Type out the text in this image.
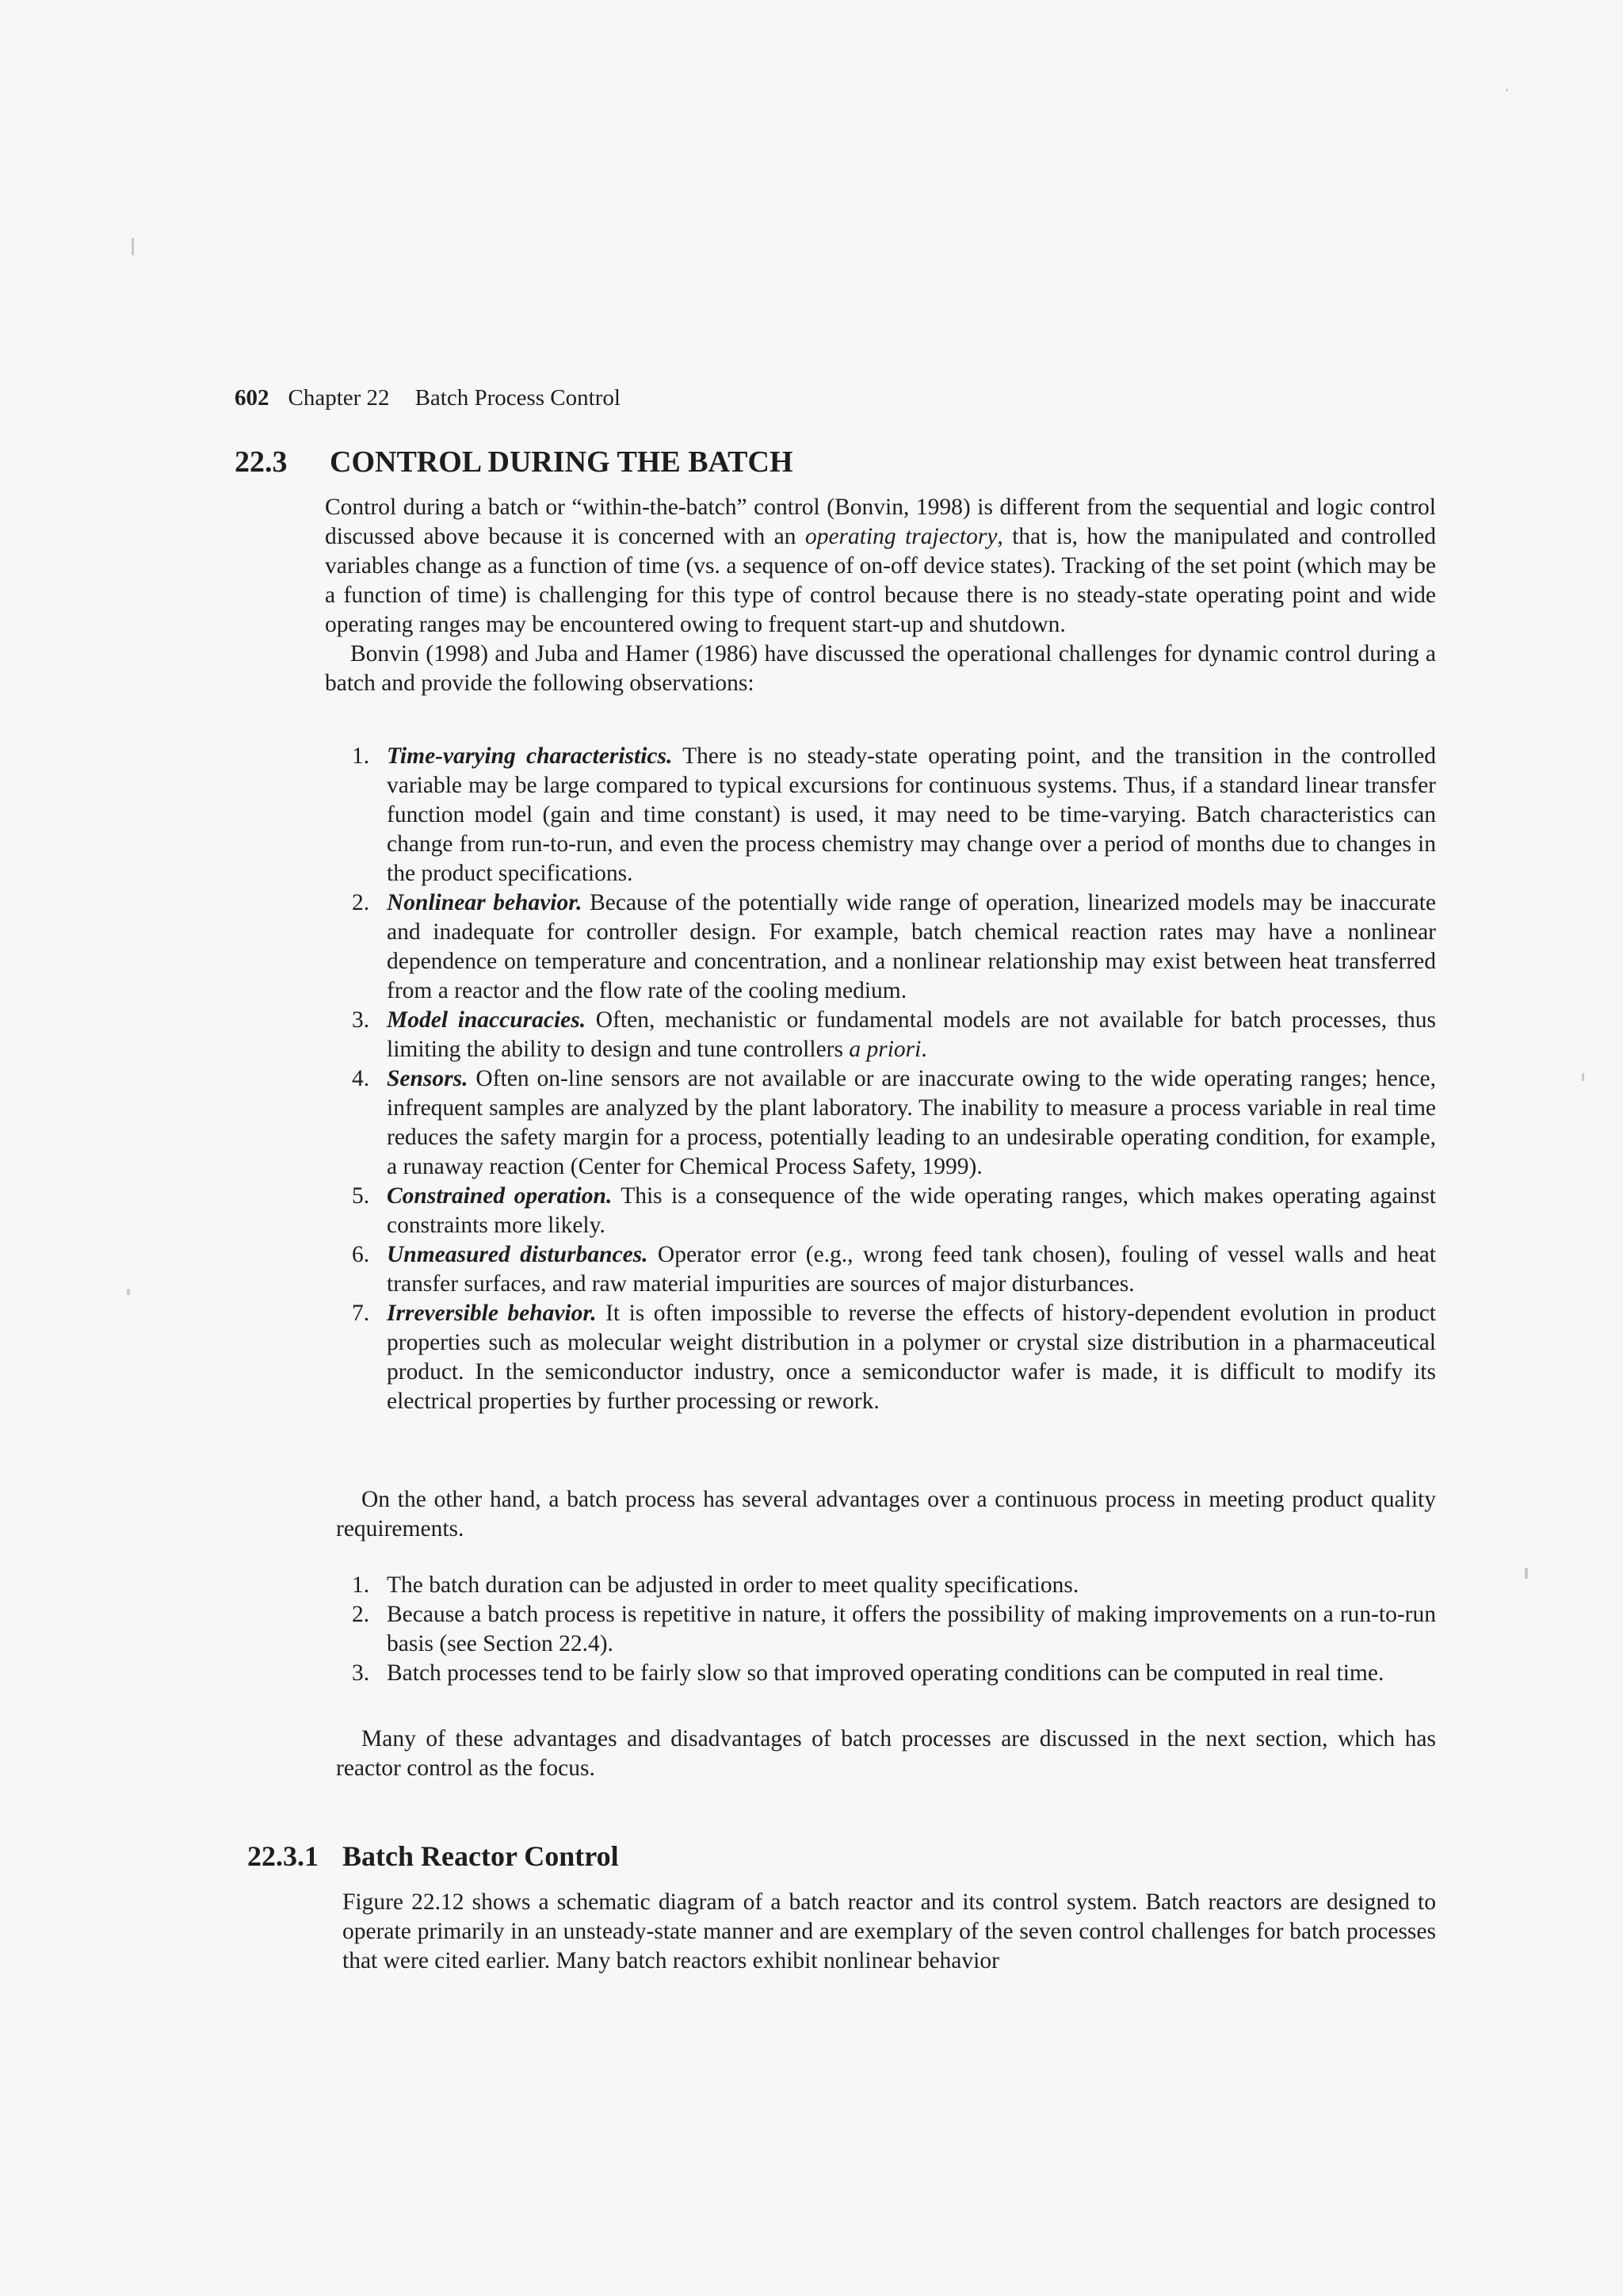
602 Chapter 22 Batch Process Control
22.3 CONTROL DURING THE BATCH

Control during a batch or “within-the-batch” control (Bonvin, 1998) is different from the sequential and logic control discussed above because it is concerned with an operating trajectory, that is, how the manipulated and controlled variables change as a function of time (vs. a sequence of on-off device states). Tracking of the set point (which may be a function of time) is challenging for this type of control because there is no steady-state operating point and wide operating ranges may be encountered owing to frequent start-up and shutdown.

Bonvin (1998) and Juba and Hamer (1986) have discussed the operational challenges for dynamic control during a batch and provide the following observations:

1. Time-varying characteristics. There is no steady-state operating point, and the transition in the controlled variable may be large compared to typical excursions for continuous systems. Thus, if a standard linear transfer function model (gain and time constant) is used, it may need to be time-varying. Batch characteristics can change from run-to-run, and even the process chemistry may change over a period of months due to changes in the product specifications.
2. Nonlinear behavior. Because of the potentially wide range of operation, linearized models may be inaccurate and inadequate for controller design. For example, batch chemical reaction rates may have a nonlinear dependence on temperature and concentration, and a nonlinear relationship may exist between heat transferred from a reactor and the flow rate of the cooling medium.
3. Model inaccuracies. Often, mechanistic or fundamental models are not available for batch processes, thus limiting the ability to design and tune controllers a priori.
4. Sensors. Often on-line sensors are not available or are inaccurate owing to the wide operating ranges; hence, infrequent samples are analyzed by the plant laboratory. The inability to measure a process variable in real time reduces the safety margin for a process, potentially leading to an undesirable operating condition, for example, a runaway reaction (Center for Chemical Process Safety, 1999).
5. Constrained operation. This is a consequence of the wide operating ranges, which makes operating against constraints more likely.
6. Unmeasured disturbances. Operator error (e.g., wrong feed tank chosen), fouling of vessel walls and heat transfer surfaces, and raw material impurities are sources of major disturbances.
7. Irreversible behavior. It is often impossible to reverse the effects of history-dependent evolution in product properties such as molecular weight distribution in a polymer or crystal size distribution in a pharmaceutical product. In the semiconductor industry, once a semiconductor wafer is made, it is difficult to modify its electrical properties by further processing or rework.

On the other hand, a batch process has several advantages over a continuous process in meeting product quality requirements.

1. The batch duration can be adjusted in order to meet quality specifications.
2. Because a batch process is repetitive in nature, it offers the possibility of making improvements on a run-to-run basis (see Section 22.4).
3. Batch processes tend to be fairly slow so that improved operating conditions can be computed in real time.

Many of these advantages and disadvantages of batch processes are discussed in the next section, which has reactor control as the focus.

22.3.1 Batch Reactor Control

Figure 22.12 shows a schematic diagram of a batch reactor and its control system. Batch reactors are designed to operate primarily in an unsteady-state manner and are exemplary of the seven control challenges for batch processes that were cited earlier. Many batch reactors exhibit nonlinear behavior
